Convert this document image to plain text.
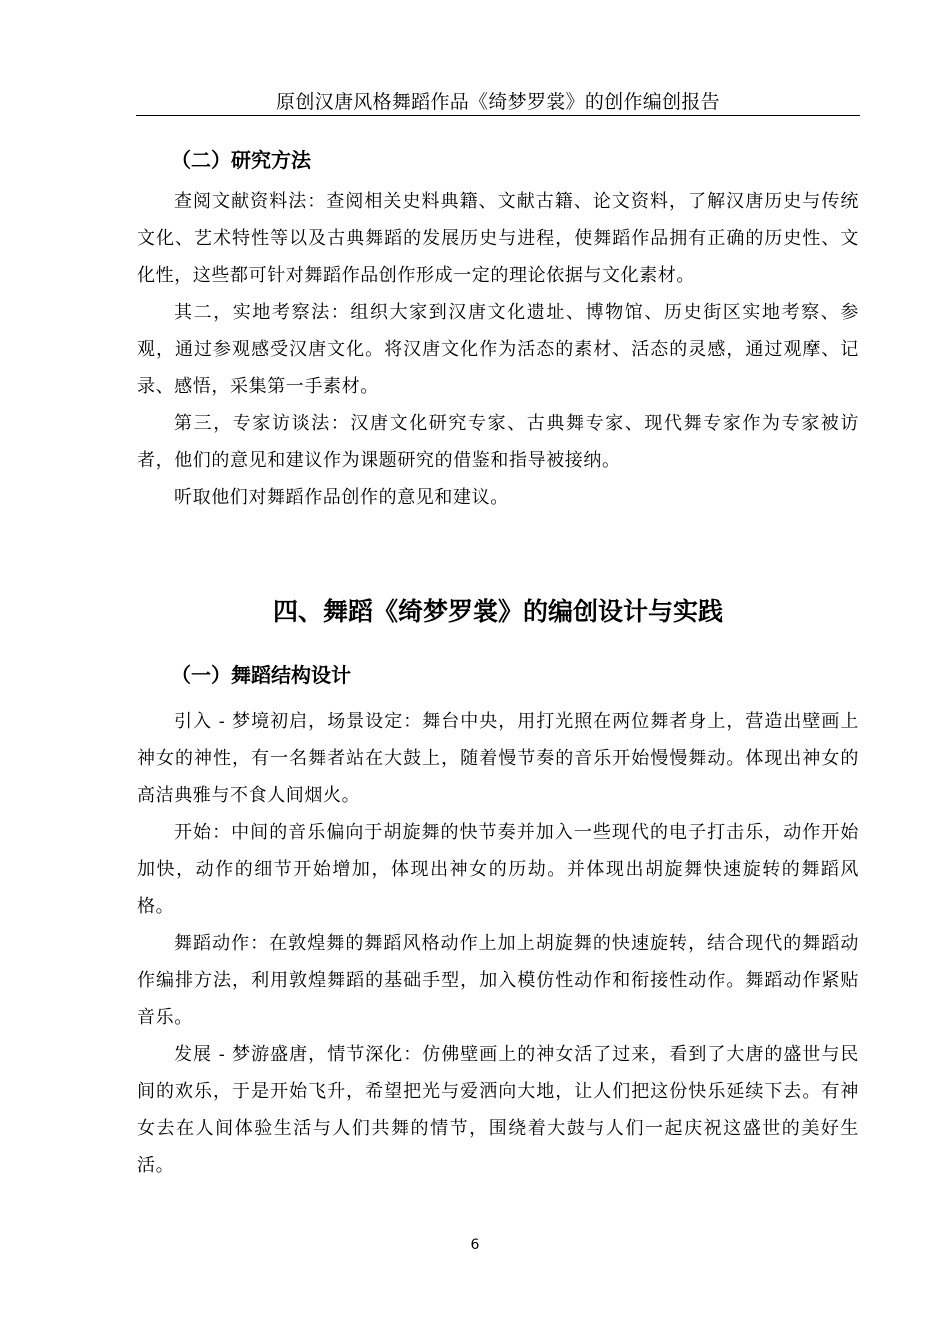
原创汉唐风格舞蹈作品《绮梦罗裳》的创作编创报告
（二）研究方法

查阅文献资料法：查阅相关史料典籍、文献古籍、论文资料，了解汉唐历史与传统文化、艺术特性等以及古典舞蹈的发展历史与进程，使舞蹈作品拥有正确的历史性、文化性，这些都可针对舞蹈作品创作形成一定的理论依据与文化素材。

其二，实地考察法：组织大家到汉唐文化遗址、博物馆、历史街区实地考察、参观，通过参观感受汉唐文化。将汉唐文化作为活态的素材、活态的灵感，通过观摩、记录、感悟，采集第一手素材。

第三，专家访谈法：汉唐文化研究专家、古典舞专家、现代舞专家作为专家被访者，他们的意见和建议作为课题研究的借鉴和指导被接纳。

听取他们对舞蹈作品创作的意见和建议。

四、舞蹈《绮梦罗裳》的编创设计与实践
（一）舞蹈结构设计

引入 - 梦境初启，场景设定：舞台中央，用打光照在两位舞者身上，营造出壁画上神女的神性，有一名舞者站在大鼓上，随着慢节奏的音乐开始慢慢舞动。体现出神女的高洁典雅与不食人间烟火。

开始：中间的音乐偏向于胡旋舞的快节奏并加入一些现代的电子打击乐，动作开始加快，动作的细节开始增加，体现出神女的历劫。并体现出胡旋舞快速旋转的舞蹈风格。

舞蹈动作：在敦煌舞的舞蹈风格动作上加上胡旋舞的快速旋转，结合现代的舞蹈动作编排方法，利用敦煌舞蹈的基础手型，加入模仿性动作和衔接性动作。舞蹈动作紧贴音乐。

发展 - 梦游盛唐，情节深化：仿佛壁画上的神女活了过来，看到了大唐的盛世与民间的欢乐，于是开始飞升，希望把光与爱洒向大地，让人们把这份快乐延续下去。有神女去在人间体验生活与人们共舞的情节，围绕着大鼓与人们一起庆祝这盛世的美好生活。

6
